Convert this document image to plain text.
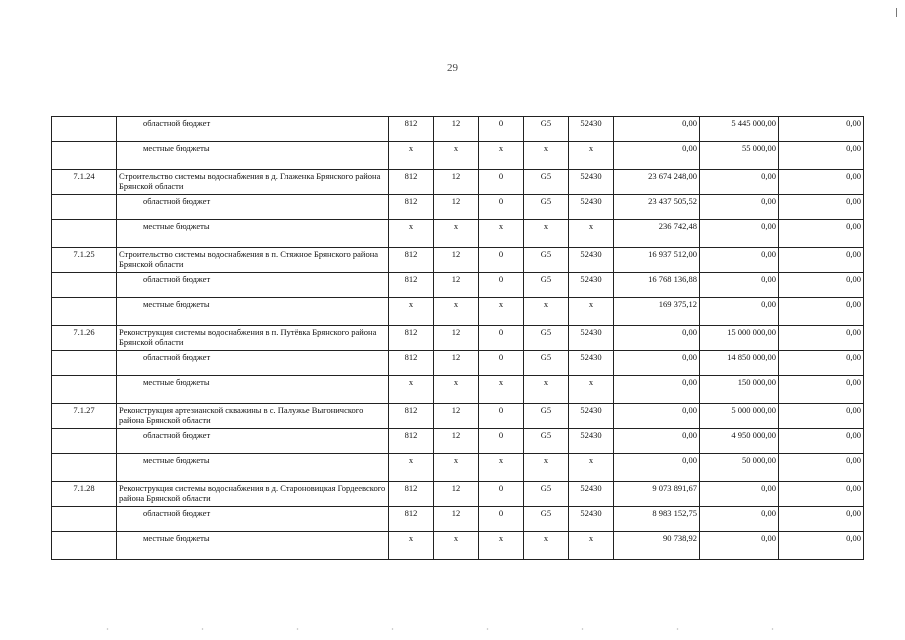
29
	областной бюджет	812	12	0	G5	52430	0,00	5 445 000,00	0,00
	местные бюджеты	x	x	x	x	x	0,00	55 000,00	0,00
7.1.24	Строительство системы водоснабжения в д. Глаженка Брянского района Брянской области	812	12	0	G5	52430	23 674 248,00	0,00	0,00
	областной бюджет	812	12	0	G5	52430	23 437 505,52	0,00	0,00
	местные бюджеты	x	x	x	x	x	236 742,48	0,00	0,00
7.1.25	Строительство системы водоснабжения в п. Стяжное Брянского района Брянской области	812	12	0	G5	52430	16 937 512,00	0,00	0,00
	областной бюджет	812	12	0	G5	52430	16 768 136,88	0,00	0,00
	местные бюджеты	x	x	x	x	x	169 375,12	0,00	0,00
7.1.26	Реконструкция системы водоснабжения в п. Путёвка Брянского района Брянской области	812	12	0	G5	52430	0,00	15 000 000,00	0,00
	областной бюджет	812	12	0	G5	52430	0,00	14 850 000,00	0,00
	местные бюджеты	x	x	x	x	x	0,00	150 000,00	0,00
7.1.27	Реконструкция артезианской скважины в с. Палужье Выгоничского района Брянской области	812	12	0	G5	52430	0,00	5 000 000,00	0,00
	областной бюджет	812	12	0	G5	52430	0,00	4 950 000,00	0,00
	местные бюджеты	x	x	x	x	x	0,00	50 000,00	0,00
7.1.28	Реконструкция системы водоснабжения в д. Староновицкая Гордеевского района Брянской области	812	12	0	G5	52430	9 073 891,67	0,00	0,00
	областной бюджет	812	12	0	G5	52430	8 983 152,75	0,00	0,00
	местные бюджеты	x	x	x	x	x	90 738,92	0,00	0,00
